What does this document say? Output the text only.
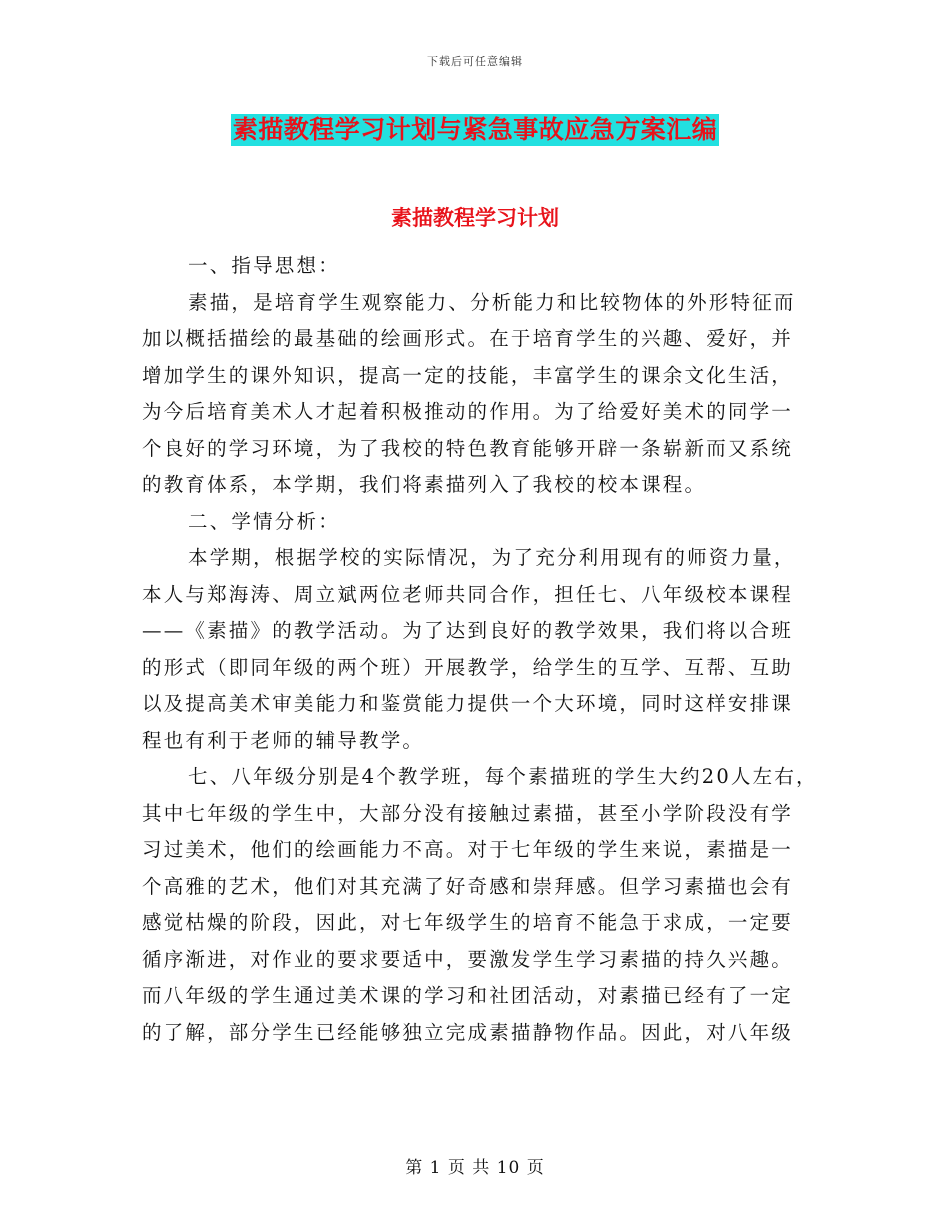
下载后可任意编辑
素描教程学习计划与紧急事故应急方案汇编
素描教程学习计划
一、指导思想：
素描，是培育学生观察能力、分析能力和比较物体的外形特征而
加以概括描绘的最基础的绘画形式。在于培育学生的兴趣、爱好，并
增加学生的课外知识，提高一定的技能，丰富学生的课余文化生活，
为今后培育美术人才起着积极推动的作用。为了给爱好美术的同学一
个良好的学习环境，为了我校的特色教育能够开辟一条崭新而又系统
的教育体系，本学期，我们将素描列入了我校的校本课程。
二、学情分析：
本学期，根据学校的实际情况，为了充分利用现有的师资力量，
本人与郑海涛、周立斌两位老师共同合作，担任七、八年级校本课程
——《素描》的教学活动。为了达到良好的教学效果，我们将以合班
的形式（即同年级的两个班）开展教学，给学生的互学、互帮、互助
以及提高美术审美能力和鉴赏能力提供一个大环境，同时这样安排课
程也有利于老师的辅导教学。
七、八年级分别是4个教学班，每个素描班的学生大约20人左右，
其中七年级的学生中，大部分没有接触过素描，甚至小学阶段没有学
习过美术，他们的绘画能力不高。对于七年级的学生来说，素描是一
个高雅的艺术，他们对其充满了好奇感和崇拜感。但学习素描也会有
感觉枯燥的阶段，因此，对七年级学生的培育不能急于求成，一定要
循序渐进，对作业的要求要适中，要激发学生学习素描的持久兴趣。
而八年级的学生通过美术课的学习和社团活动，对素描已经有了一定
的了解，部分学生已经能够独立完成素描静物作品。因此，对八年级
第 1 页 共 10 页
